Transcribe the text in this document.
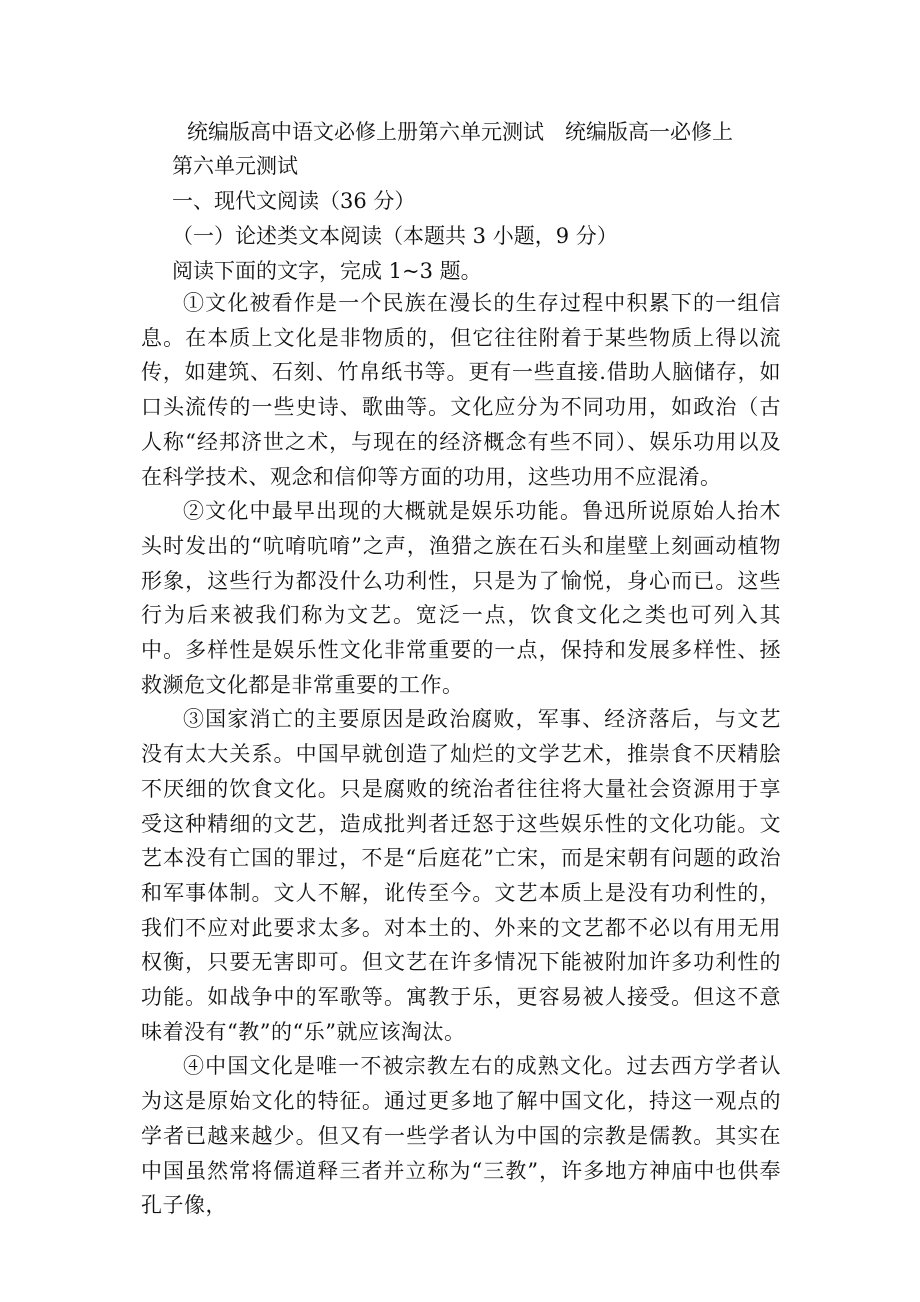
统编版高中语文必修上册第六单元测试　统编版高一必修上
第六单元测试
一、现代文阅读（36 分）
（一）论述类文本阅读（本题共 3 小题，9 分）
阅读下面的文字，完成 1~3 题。

①文化被看作是一个民族在漫长的生存过程中积累下的一组信息。在本质上文化是非物质的，但它往往附着于某些物质上得以流传，如建筑、石刻、竹帛纸书等。更有一些直接.借助人脑储存，如口头流传的一些史诗、歌曲等。文化应分为不同功用，如政治（古人称“经邦济世之术，与现在的经济概念有些不同）、娱乐功用以及在科学技术、观念和信仰等方面的功用，这些功用不应混淆。

②文化中最早出现的大概就是娱乐功能。鲁迅所说原始人抬木头时发出的“吭唷吭唷”之声，渔猎之族在石头和崖壁上刻画动植物形象，这些行为都没什么功利性，只是为了愉悦，身心而已。这些行为后来被我们称为文艺。宽泛一点，饮食文化之类也可列入其中。多样性是娱乐性文化非常重要的一点，保持和发展多样性、拯救濒危文化都是非常重要的工作。

③国家消亡的主要原因是政治腐败，军事、经济落后，与文艺没有太大关系。中国早就创造了灿烂的文学艺术，推崇食不厌精脍不厌细的饮食文化。只是腐败的统治者往往将大量社会资源用于享受这种精细的文艺，造成批判者迁怒于这些娱乐性的文化功能。文艺本没有亡国的罪过，不是“后庭花”亡宋，而是宋朝有问题的政治和军事体制。文人不解，讹传至今。文艺本质上是没有功利性的，我们不应对此要求太多。对本土的、外来的文艺都不必以有用无用权衡，只要无害即可。但文艺在许多情况下能被附加许多功利性的功能。如战争中的军歌等。寓教于乐，更容易被人接受。但这不意味着没有“教”的“乐”就应该淘汰。

④中国文化是唯一不被宗教左右的成熟文化。过去西方学者认为这是原始文化的特征。通过更多地了解中国文化，持这一观点的学者已越来越少。但又有一些学者认为中国的宗教是儒教。其实在中国虽然常将儒道释三者并立称为“三教”，许多地方神庙中也供奉孔子像，
